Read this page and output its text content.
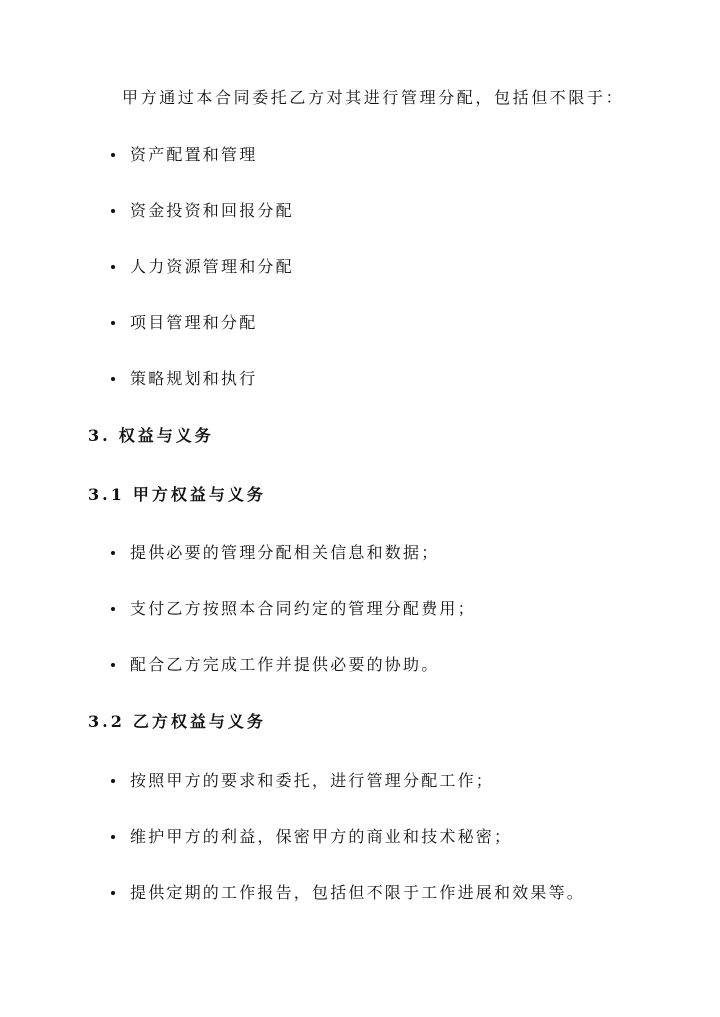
甲方通过本合同委托乙方对其进行管理分配，包括但不限于：
资产配置和管理
资金投资和回报分配
人力资源管理和分配
项目管理和分配
策略规划和执行
3. 权益与义务
3.1 甲方权益与义务
提供必要的管理分配相关信息和数据；
支付乙方按照本合同约定的管理分配费用；
配合乙方完成工作并提供必要的协助。
3.2 乙方权益与义务
按照甲方的要求和委托，进行管理分配工作；
维护甲方的利益，保密甲方的商业和技术秘密；
提供定期的工作报告，包括但不限于工作进展和效果等。
